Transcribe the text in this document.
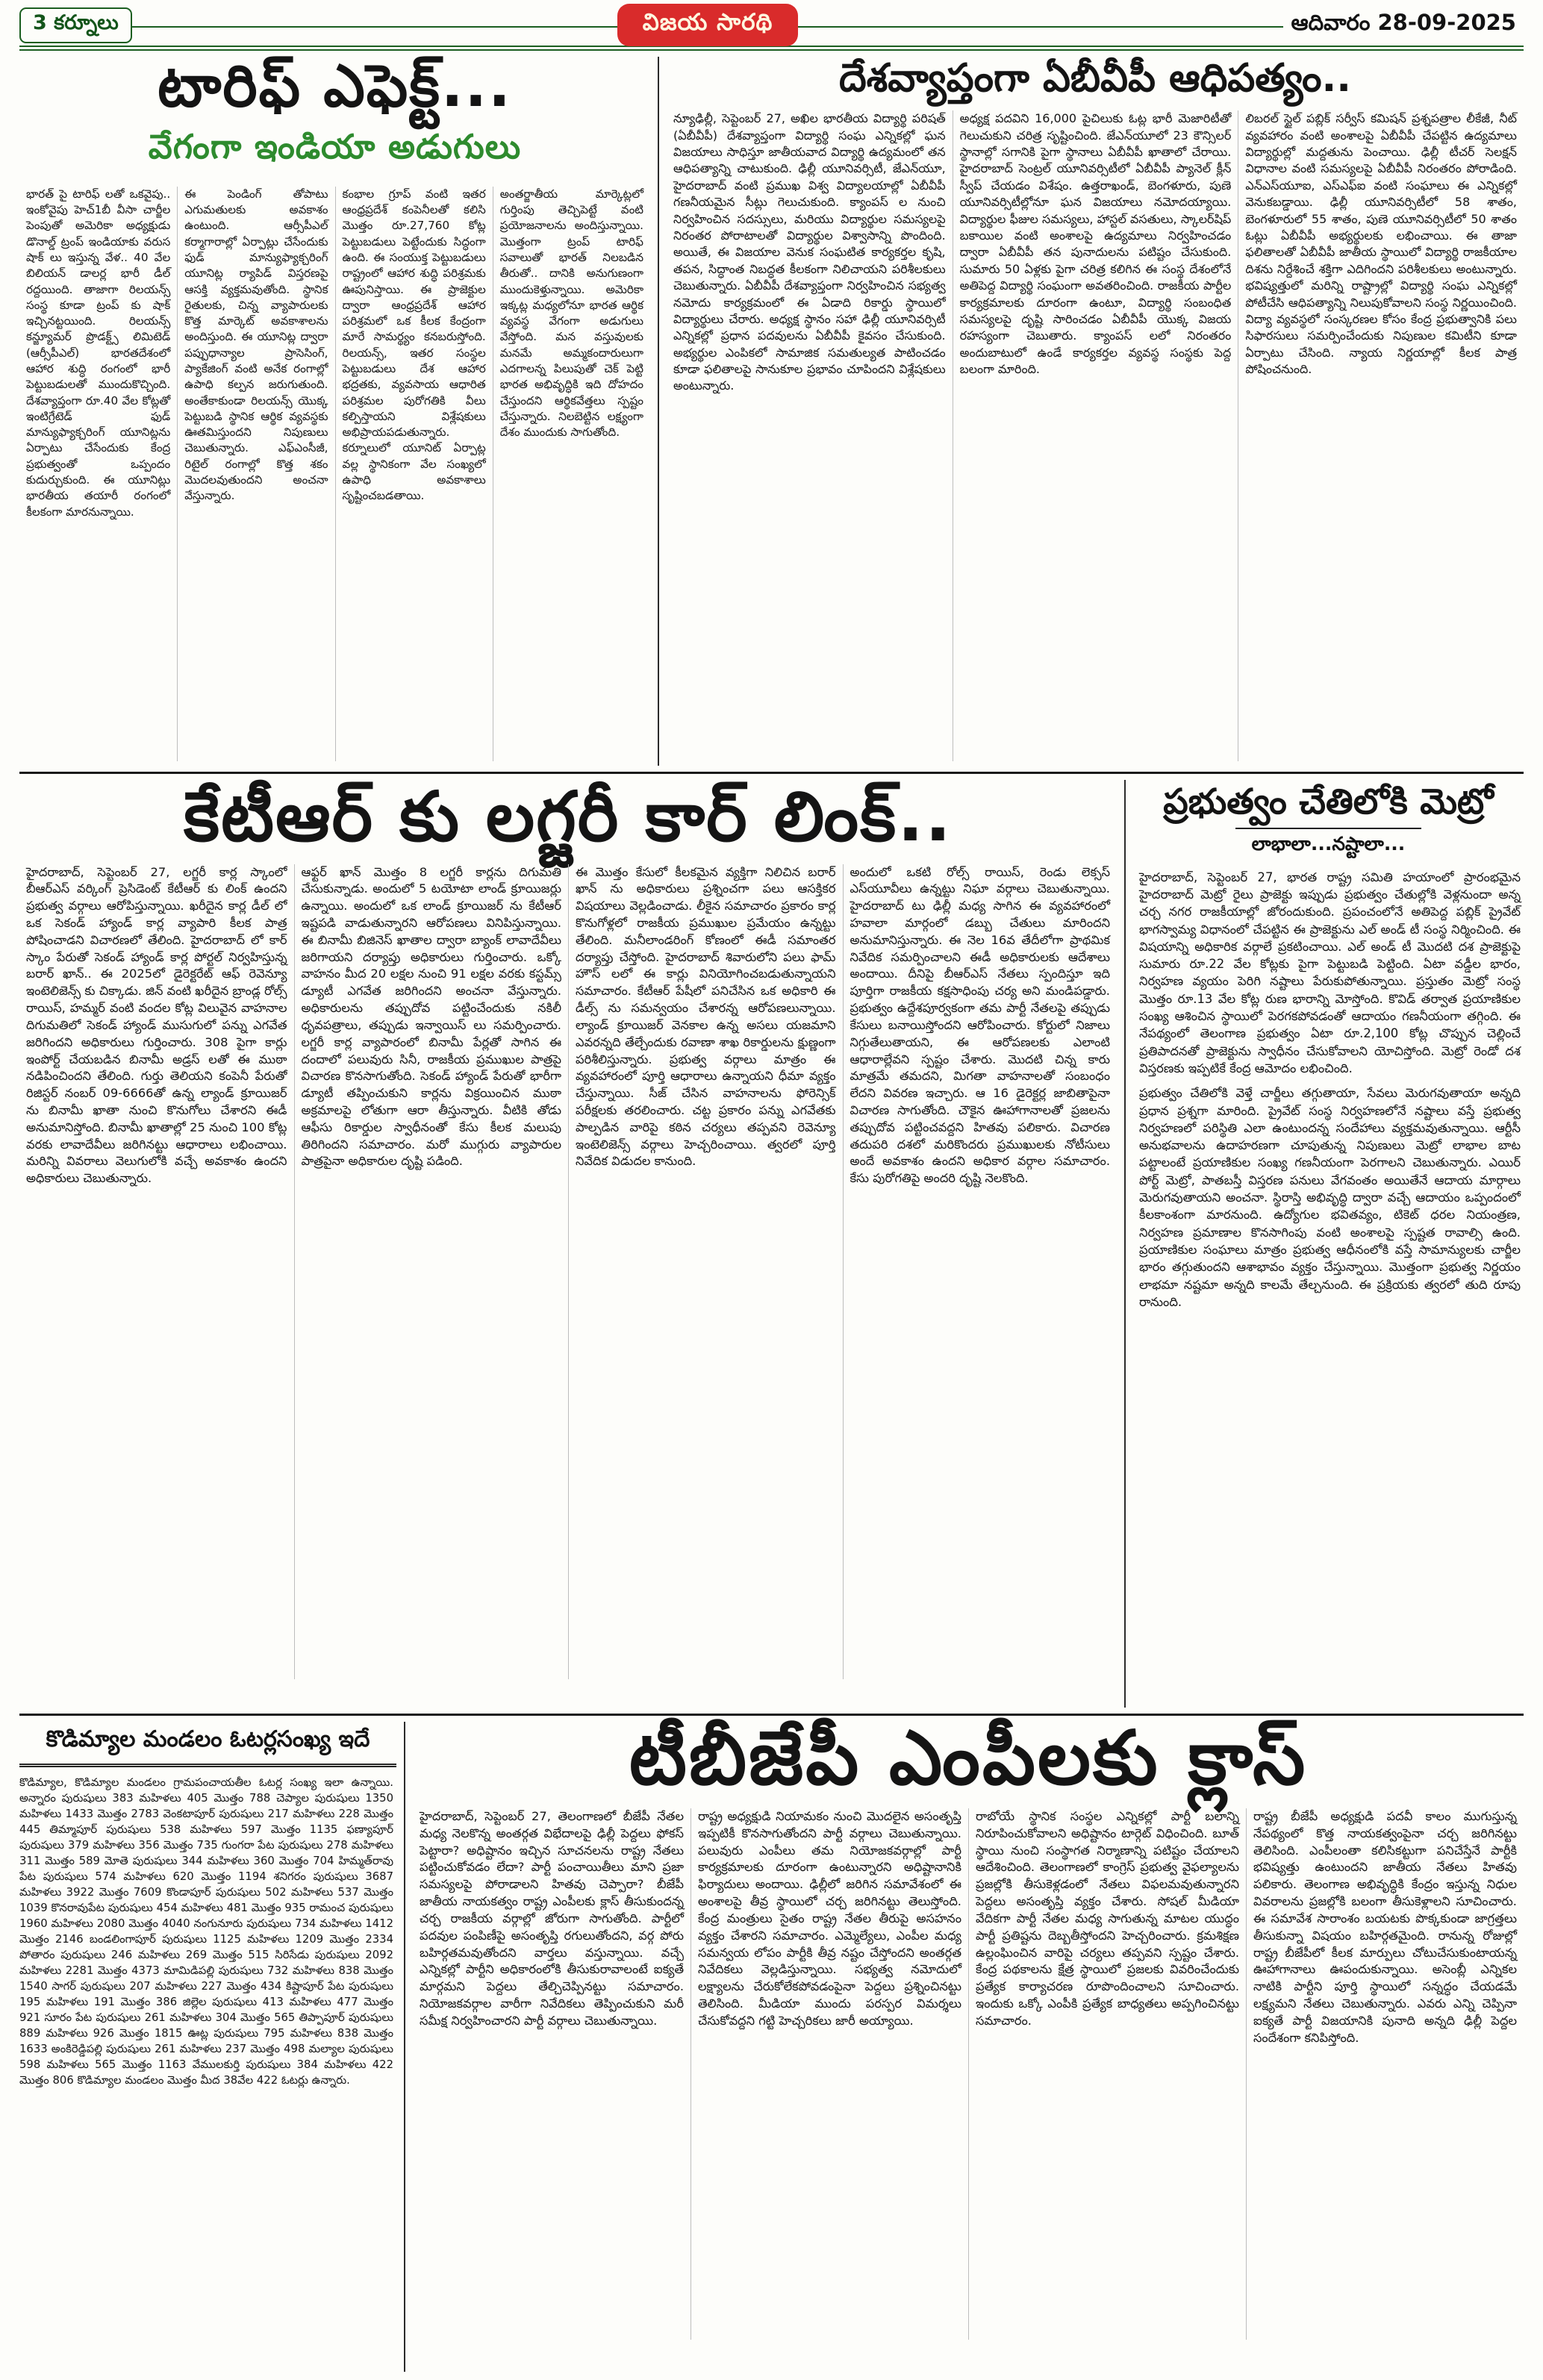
3 కర్నూలు	విజయ సారథి	ఆదివారం 28-09-2025
టారిఫ్ ఎఫెక్ట్...
వేగంగా ఇండియా అడుగులు

భారత్ పై టారిఫ్ లతో ఒకవైపు.. ఇంకోవైపు హెచ్1బీ వీసా చార్జీల పెంపుతో అమెరికా అధ్యక్షుడు డొనాల్డ్ ట్రంప్ ఇండియాకు వరుస షాక్ లు ఇస్తున్న వేళ.. 40 వేల బిలియన్ డాలర్ల భారీ డీల్ రద్దయింది. తాజాగా రిలయన్స్ సంస్థ కూడా ట్రంప్ కు షాక్ ఇచ్చినట్టయింది. రిలయన్స్ కన్జ్యూమర్ ప్రొడక్ట్స్ లిమిటెడ్ (ఆర్సీపీఎల్) భారతదేశంలో ఆహార శుద్ధి రంగంలో భారీ పెట్టుబడులతో ముందుకొచ్చింది. దేశవ్యాప్తంగా రూ.40 వేల కోట్లతో ఇంటిగ్రేటెడ్ ఫుడ్ మాన్యుఫ్యాక్చరింగ్ యూనిట్లను ఏర్పాటు చేసేందుకు కేంద్ర ప్రభుత్వంతో ఒప్పందం కుదుర్చుకుంది. ఈ యూనిట్లు భారతీయ తయారీ రంగంలో కీలకంగా మారనున్నాయి.

ఈ పెండింగ్ తోపాటు ఎగుమతులకు అవకాశం ఉంటుంది. ఆర్సీపీఎల్ కర్మాగారాల్లో ఏర్పాట్లు చేసేందుకు ఫుడ్ మాన్యుఫ్యాక్చరింగ్ యూనిట్ల ర్యాపిడ్ విస్తరణపై ఆసక్తి వ్యక్తమవుతోంది. స్థానిక రైతులకు, చిన్న వ్యాపారులకు కొత్త మార్కెట్ అవకాశాలను అందిస్తుంది. ఈ యూనిట్ల ద్వారా పప్పుధాన్యాల ప్రాసెసింగ్, ప్యాకేజింగ్ వంటి అనేక రంగాల్లో ఉపాధి కల్పన జరుగుతుంది. అంతేకాకుండా రిలయన్స్ యొక్క పెట్టుబడి స్థానిక ఆర్థిక వ్యవస్థకు ఊతమిస్తుందని నిపుణులు చెబుతున్నారు. ఎఫ్ఎంసీజీ, రిటైల్ రంగాల్లో కొత్త శకం మొదలవుతుందని అంచనా వేస్తున్నారు.

కంభాల గ్రూప్ వంటి ఇతర ఆంధ్రప్రదేశ్ కంపెనీలతో కలిసి మొత్తం రూ.27,760 కోట్ల పెట్టుబడులు పెట్టేందుకు సిద్ధంగా ఉంది. ఈ సంయుక్త పెట్టుబడులు రాష్ట్రంలో ఆహార శుద్ధి పరిశ్రమకు ఊపునిస్తాయి. ఈ ప్రాజెక్టుల ద్వారా ఆంధ్రప్రదేశ్ ఆహార పరిశ్రమలో ఒక కీలక కేంద్రంగా మారే సామర్థ్యం కనబరుస్తోంది. రిలయన్స్, ఇతర సంస్థల పెట్టుబడులు దేశ ఆహార భద్రతకు, వ్యవసాయ ఆధారిత పరిశ్రమల పురోగతికి వీలు కల్పిస్తాయని విశ్లేషకులు అభిప్రాయపడుతున్నారు. కర్నూలులో యూనిట్ ఏర్పాట్ల వల్ల స్థానికంగా వేల సంఖ్యలో ఉపాధి అవకాశాలు సృష్టించబడతాయి.

అంతర్జాతీయ మార్కెట్లలో గుర్తింపు తెచ్చిపెట్టే వంటి ప్రయోజనాలను అందిస్తున్నాయి. మొత్తంగా ట్రంప్ టారిఫ్ సవాలుతో భారత్ నిలబడిన తీరుతో.. దానికి అనుగుణంగా ముందుకెళ్తున్నాయి. అమెరికా ఇక్కట్ల మధ్యలోనూ భారత ఆర్థిక వ్యవస్థ వేగంగా అడుగులు వేస్తోంది. మన వస్తువులకు మనమే అమ్మకందారులుగా ఎదగాలన్న పిలుపుతో చెక్ పెట్టి భారత అభివృద్ధికి ఇది దోహదం చేస్తుందని ఆర్థికవేత్తలు స్పష్టం చేస్తున్నారు. నిలబెట్టిన లక్ష్యంగా దేశం ముందుకు సాగుతోంది.

దేశవ్యాప్తంగా ఏబీవీపీ ఆధిపత్యం..

న్యూఢిల్లీ, సెప్టెంబర్ 27, అఖిల భారతీయ విద్యార్థి పరిషత్ (ఏబీవీపీ) దేశవ్యాప్తంగా విద్యార్థి సంఘ ఎన్నికల్లో ఘన విజయాలు సాధిస్తూ జాతీయవాద విద్యార్థి ఉద్యమంలో తన ఆధిపత్యాన్ని చాటుకుంది. ఢిల్లీ యూనివర్సిటీ, జేఎన్‌యూ, హైదరాబాద్ వంటి ప్రముఖ విశ్వ విద్యాలయాల్లో ఏబీవీపీ గణనీయమైన సీట్లు గెలుచుకుంది. క్యాంపస్ ల నుంచి నిర్వహించిన సదస్సులు, మరియు విద్యార్థుల సమస్యలపై నిరంతర పోరాటాలతో విద్యార్థుల విశ్వాసాన్ని పొందింది. అయితే, ఈ విజయాల వెనుక సంఘటిత కార్యకర్తల కృషి, తపన, సిద్ధాంత నిబద్ధత కీలకంగా నిలిచాయని పరిశీలకులు చెబుతున్నారు. ఏబీవీపీ దేశవ్యాప్తంగా నిర్వహించిన సభ్యత్వ నమోదు కార్యక్రమంలో ఈ ఏడాది రికార్డు స్థాయిలో విద్యార్థులు చేరారు. అధ్యక్ష స్థానం సహా ఢిల్లీ యూనివర్సిటీ ఎన్నికల్లో ప్రధాన పదవులను ఏబీవీపీ కైవసం చేసుకుంది. అభ్యర్థుల ఎంపికలో సామాజిక సమతుల్యత పాటించడం కూడా ఫలితాలపై సానుకూల ప్రభావం చూపిందని విశ్లేషకులు అంటున్నారు.

అధ్యక్ష పదవిని 16,000 పైచిలుకు ఓట్ల భారీ మెజారిటీతో గెలుచుకుని చరిత్ర సృష్టించింది. జేఎన్‌యూలో 23 కౌన్సిలర్ స్థానాల్లో సగానికి పైగా స్థానాలు ఏబీవీపీ ఖాతాలో చేరాయి. హైదరాబాద్ సెంట్రల్ యూనివర్సిటీలో ఏబీవీపీ ప్యానెల్ క్లీన్ స్వీప్ చేయడం విశేషం. ఉత్తరాఖండ్, బెంగళూరు, పుణె యూనివర్సిటీల్లోనూ ఘన విజయాలు నమోదయ్యాయి. విద్యార్థుల ఫీజుల సమస్యలు, హాస్టల్ వసతులు, స్కాలర్‌షిప్ బకాయిల వంటి అంశాలపై ఉద్యమాలు నిర్వహించడం ద్వారా ఏబీవీపీ తన పునాదులను పటిష్టం చేసుకుంది. సుమారు 50 ఏళ్లకు పైగా చరిత్ర కలిగిన ఈ సంస్థ దేశంలోనే అతిపెద్ద విద్యార్థి సంఘంగా అవతరించింది. రాజకీయ పార్టీల కార్యక్రమాలకు దూరంగా ఉంటూ, విద్యార్థి సంబంధిత సమస్యలపై దృష్టి సారించడం ఏబీవీపీ యొక్క విజయ రహస్యంగా చెబుతారు. క్యాంపస్ లలో నిరంతరం అందుబాటులో ఉండే కార్యకర్తల వ్యవస్థ సంస్థకు పెద్ద బలంగా మారింది.

లిబరల్ స్టైల్ పబ్లిక్ సర్వీస్ కమిషన్ ప్రశ్నపత్రాల లీకేజీ, నీట్ వ్యవహారం వంటి అంశాలపై ఏబీవీపీ చేపట్టిన ఉద్యమాలు విద్యార్థుల్లో మద్దతును పెంచాయి. ఢిల్లీ టీచర్ సెలక్షన్ విధానాల వంటి సమస్యలపై ఏబీవీపీ నిరంతరం పోరాడింది. ఎన్ఎస్‌యూఐ, ఎస్ఎఫ్ఐ వంటి సంఘాలు ఈ ఎన్నికల్లో వెనుకబడ్డాయి. ఢిల్లీ యూనివర్సిటీలో 58 శాతం, బెంగళూరులో 55 శాతం, పుణె యూనివర్సిటీలో 50 శాతం ఓట్లు ఏబీవీపీ అభ్యర్థులకు లభించాయి. ఈ తాజా ఫలితాలతో ఏబీవీపీ జాతీయ స్థాయిలో విద్యార్థి రాజకీయాల దిశను నిర్దేశించే శక్తిగా ఎదిగిందని పరిశీలకులు అంటున్నారు. భవిష్యత్తులో మరిన్ని రాష్ట్రాల్లో విద్యార్థి సంఘ ఎన్నికల్లో పోటీచేసి ఆధిపత్యాన్ని నిలుపుకోవాలని సంస్థ నిర్ణయించింది. విద్యా వ్యవస్థలో సంస్కరణల కోసం కేంద్ర ప్రభుత్వానికి పలు సిఫారసులు సమర్పించేందుకు నిపుణుల కమిటీని కూడా ఏర్పాటు చేసింది. న్యాయ నిర్ణయాల్లో కీలక పాత్ర పోషించనుంది.

కేటీఆర్ కు లగ్జరీ కార్ లింక్..

హైదరాబాద్, సెప్టెంబర్ 27, లగ్జరీ కార్ల స్కాంలో బీఆర్ఎస్ వర్కింగ్ ప్రెసిడెంట్ కేటీఆర్ కు లింక్ ఉందని ప్రభుత్వ వర్గాలు ఆరోపిస్తున్నాయి. ఖరీదైన కార్ల డీల్ లో ఒక సెకండ్ హ్యాండ్ కార్ల వ్యాపారి కీలక పాత్ర పోషించాడని విచారణలో తేలింది. హైదరాబాద్ లో కార్ స్కాం పేరుతో సెకండ్ హ్యాండ్ కార్ల పోర్టల్ నిర్వహిస్తున్న బరార్ ఖాన్.. ఈ 2025లో డైరెక్టరేట్ ఆఫ్ రెవెన్యూ ఇంటెలిజెన్స్ కు చిక్కాడు. జిన్ వంటి ఖరీదైన బ్రాండ్ల రోల్స్ రాయిస్, హమ్మర్ వంటి వందల కోట్ల విలువైన వాహనాల దిగుమతిలో సెకండ్ హ్యాండ్ ముసుగులో పన్ను ఎగవేత జరిగిందని అధికారులు గుర్తించారు. 308 పైగా కార్లు ఇంపోర్ట్ చేయబడిన బినామీ అడ్రస్ లతో ఈ ముఠా నడిపించిందని తేలింది. గుర్తు తెలియని కంపెనీ పేరుతో రిజిస్టర్ నంబర్ 09-6666తో ఉన్న ల్యాండ్ క్రూయిజర్ ను బినామీ ఖాతా నుంచి కొనుగోలు చేశారని ఈడీ అనుమానిస్తోంది. బినామీ ఖాతాల్లో 25 నుంచి 100 కోట్ల వరకు లావాదేవీలు జరిగినట్టు ఆధారాలు లభించాయి. మరిన్ని వివరాలు వెలుగులోకి వచ్చే అవకాశం ఉందని అధికారులు చెబుతున్నారు.

ఆఫ్టర్ ఖాన్ మొత్తం 8 లగ్జరీ కార్లను దిగుమతి చేసుకున్నాడు. అందులో 5 టయోటా లాండ్ క్రూయిజర్లు ఉన్నాయి. అందులో ఒక లాండ్ క్రూయిజర్ ను కేటీఆర్ ఇష్టపడి వాడుతున్నారని ఆరోపణలు వినిపిస్తున్నాయి. ఈ బినామీ బిజినెస్ ఖాతాల ద్వారా బ్యాంక్ లావాదేవీలు జరిగాయని దర్యాప్తు అధికారులు గుర్తించారు. ఒక్కో వాహనం మీద 20 లక్షల నుంచి 91 లక్షల వరకు కస్టమ్స్ డ్యూటీ ఎగవేత జరిగిందని అంచనా వేస్తున్నారు. అధికారులను తప్పుదోవ పట్టించేందుకు నకిలీ ధృవపత్రాలు, తప్పుడు ఇన్వాయిస్ లు సమర్పించారు. లగ్జరీ కార్ల వ్యాపారంలో బినామీ పేర్లతో సాగిన ఈ దందాలో పలువురు సినీ, రాజకీయ ప్రముఖుల పాత్రపై విచారణ కొనసాగుతోంది. సెకండ్ హ్యాండ్ పేరుతో భారీగా డ్యూటీ తప్పించుకుని కార్లను విక్రయించిన ముఠా అక్రమాలపై లోతుగా ఆరా తీస్తున్నారు. వీటికి తోడు ఆఫీసు రికార్డుల స్వాధీనంతో కేసు కీలక మలుపు తిరిగిందని సమాచారం. మరో ముగ్గురు వ్యాపారుల పాత్రపైనా అధికారుల దృష్టి పడింది.

ఈ మొత్తం కేసులో కీలకమైన వ్యక్తిగా నిలిచిన బరార్ ఖాన్ ను అధికారులు ప్రశ్నించగా పలు ఆసక్తికర విషయాలు వెల్లడించాడు. లీకైన సమాచారం ప్రకారం కార్ల కొనుగోళ్లలో రాజకీయ ప్రముఖుల ప్రమేయం ఉన్నట్టు తేలింది. మనీలాండరింగ్ కోణంలో ఈడీ సమాంతర దర్యాప్తు చేస్తోంది. హైదరాబాద్ శివారులోని పలు ఫామ్ హౌస్ లలో ఈ కార్లు వినియోగించబడుతున్నాయని సమాచారం. కేటీఆర్ పేషీలో పనిచేసిన ఒక అధికారి ఈ డీల్స్ ను సమన్వయం చేశారన్న ఆరోపణలున్నాయి. ల్యాండ్ క్రూయిజర్ వెనకాల ఉన్న అసలు యజమాని ఎవరన్నది తేల్చేందుకు రవాణా శాఖ రికార్డులను క్షుణ్ణంగా పరిశీలిస్తున్నారు. ప్రభుత్వ వర్గాలు మాత్రం ఈ వ్యవహారంలో పూర్తి ఆధారాలు ఉన్నాయని ధీమా వ్యక్తం చేస్తున్నాయి. సీజ్ చేసిన వాహనాలను ఫోరెన్సిక్ పరీక్షలకు తరలించారు. చట్ట ప్రకారం పన్ను ఎగవేతకు పాల్పడిన వారిపై కఠిన చర్యలు తప్పవని రెవెన్యూ ఇంటెలిజెన్స్ వర్గాలు హెచ్చరించాయి. త్వరలో పూర్తి నివేదిక విడుదల కానుంది.

అందులో ఒకటి రోల్స్ రాయిస్, రెండు లెక్సస్ ఎస్‌యూవీలు ఉన్నట్టు నిఘా వర్గాలు చెబుతున్నాయి. హైదరాబాద్ టు ఢిల్లీ మధ్య సాగిన ఈ వ్యవహారంలో హవాలా మార్గంలో డబ్బు చేతులు మారిందని అనుమానిస్తున్నారు. ఈ నెల 16వ తేదీలోగా ప్రాథమిక నివేదిక సమర్పించాలని ఈడీ అధికారులకు ఆదేశాలు అందాయి. దీనిపై బీఆర్ఎస్ నేతలు స్పందిస్తూ ఇది పూర్తిగా రాజకీయ కక్షసాధింపు చర్య అని మండిపడ్డారు. ప్రభుత్వం ఉద్దేశపూర్వకంగా తమ పార్టీ నేతలపై తప్పుడు కేసులు బనాయిస్తోందని ఆరోపించారు. కోర్టులో నిజాలు నిగ్గుతేలుతాయని, ఈ ఆరోపణలకు ఎలాంటి ఆధారాల్లేవని స్పష్టం చేశారు. మొదటి చిన్న కారు మాత్రమే తమదని, మిగతా వాహనాలతో సంబంధం లేదని వివరణ ఇచ్చారు. ఆ 16 డైరెక్టర్ల జాబితాపైనా విచారణ సాగుతోంది. చౌకైన ఊహాగానాలతో ప్రజలను తప్పుదోవ పట్టించవద్దని హితవు పలికారు. విచారణ తదుపరి దశలో మరికొందరు ప్రముఖులకు నోటీసులు అందే అవకాశం ఉందని అధికార వర్గాల సమాచారం. కేసు పురోగతిపై అందరి దృష్టి నెలకొంది.

ప్రభుత్వం చేతిలోకి మెట్రో
లాభాలా...నష్టాలా...

హైదరాబాద్, సెప్టెంబర్ 27, భారత రాష్ట్ర సమితి హయాంలో ప్రారంభమైన హైదరాబాద్ మెట్రో రైలు ప్రాజెక్టు ఇప్పుడు ప్రభుత్వం చేతుల్లోకి వెళ్లనుందా అన్న చర్చ నగర రాజకీయాల్లో జోరందుకుంది. ప్రపంచంలోనే అతిపెద్ద పబ్లిక్ ప్రైవేట్ భాగస్వామ్య విధానంలో చేపట్టిన ఈ ప్రాజెక్టును ఎల్ అండ్ టీ సంస్థ నిర్మించింది. ఈ విషయాన్ని అధికారిక వర్గాలే ప్రకటించాయి. ఎల్ అండ్ టీ మొదటి దశ ప్రాజెక్టుపై సుమారు రూ.22 వేల కోట్లకు పైగా పెట్టుబడి పెట్టింది. ఏటా వడ్డీల భారం, నిర్వహణ వ్యయం పెరిగి నష్టాలు పేరుకుపోతున్నాయి. ప్రస్తుతం మెట్రో సంస్థ మొత్తం రూ.13 వేల కోట్ల రుణ భారాన్ని మోస్తోంది. కొవిడ్ తర్వాత ప్రయాణికుల సంఖ్య ఆశించిన స్థాయిలో పెరగకపోవడంతో ఆదాయం గణనీయంగా తగ్గింది. ఈ నేపథ్యంలో తెలంగాణ ప్రభుత్వం ఏటా రూ.2,100 కోట్ల చొప్పున చెల్లించే ప్రతిపాదనతో ప్రాజెక్టును స్వాధీనం చేసుకోవాలని యోచిస్తోంది. మెట్రో రెండో దశ విస్తరణకు ఇప్పటికే కేంద్ర ఆమోదం లభించింది.

ప్రభుత్వం చేతిలోకి వెళ్తే చార్జీలు తగ్గుతాయా, సేవలు మెరుగవుతాయా అన్నది ప్రధాన ప్రశ్నగా మారింది. ప్రైవేట్ సంస్థ నిర్వహణలోనే నష్టాలు వస్తే ప్రభుత్వ నిర్వహణలో పరిస్థితి ఎలా ఉంటుందన్న సందేహాలు వ్యక్తమవుతున్నాయి. ఆర్టీసీ అనుభవాలను ఉదాహరణగా చూపుతున్న నిపుణులు మెట్రో లాభాల బాట పట్టాలంటే ప్రయాణికుల సంఖ్య గణనీయంగా పెరగాలని చెబుతున్నారు. ఎయిర్ పోర్ట్ మెట్రో, పాతబస్తీ విస్తరణ పనులు వేగవంతం అయితేనే ఆదాయ మార్గాలు మెరుగవుతాయని అంచనా. స్థిరాస్తి అభివృద్ధి ద్వారా వచ్చే ఆదాయం ఒప్పందంలో కీలకాంశంగా మారనుంది. ఉద్యోగుల భవితవ్యం, టికెట్ ధరల నియంత్రణ, నిర్వహణ ప్రమాణాల కొనసాగింపు వంటి అంశాలపై స్పష్టత రావాల్సి ఉంది. ప్రయాణికుల సంఘాలు మాత్రం ప్రభుత్వ ఆధీనంలోకి వస్తే సామాన్యులకు చార్జీల భారం తగ్గుతుందని ఆశాభావం వ్యక్తం చేస్తున్నాయి. మొత్తంగా ప్రభుత్వ నిర్ణయం లాభమా నష్టమా అన్నది కాలమే తేల్చనుంది. ఈ ప్రక్రియకు త్వరలో తుది రూపు రానుంది.

కొడిమ్యాల మండలం ఓటర్లసంఖ్య ఇదే

కొడిమ్యాల, కొడిమ్యాల మండలం గ్రామపంచాయతీల ఓటర్ల సంఖ్య ఇలా ఉన్నాయి. అన్నారం పురుషులు 383 మహిళలు 405 మొత్తం 788 చెప్యాల పురుషులు 1350 మహిళలు 1433 మొత్తం 2783 వెంకటాపూర్ పురుషులు 217 మహిళలు 228 మొత్తం 445 తిమ్మాపూర్ పురుషులు 538 మహిళలు 597 మొత్తం 1135 ఫణ్యాపూర్ పురుషులు 379 మహిళలు 356 మొత్తం 735 గుంగరా పేట పురుషులు 278 మహిళలు 311 మొత్తం 589 మోతె పురుషులు 344 మహిళలు 360 మొత్తం 704 హిమ్మత్‌రావు పేట పురుషులు 574 మహిళలు 620 మొత్తం 1194 శనిగరం పురుషులు 3687 మహిళలు 3922 మొత్తం 7609 కొండాపూర్ పురుషులు 502 మహిళలు 537 మొత్తం 1039 కొనరావుపేట పురుషులు 454 మహిళలు 481 మొత్తం 935 రామంచ పురుషులు 1960 మహిళలు 2080 మొత్తం 4040 నంగునూరు పురుషులు 734 మహిళలు 1412 మొత్తం 2146 బండలింగాపూర్ పురుషులు 1125 మహిళలు 1209 మొత్తం 2334 పోతారం పురుషులు 246 మహిళలు 269 మొత్తం 515 సిరిసేడు పురుషులు 2092 మహిళలు 2281 మొత్తం 4373 మామిడిపల్లి పురుషులు 732 మహిళలు 838 మొత్తం 1540 సాగర్ పురుషులు 207 మహిళలు 227 మొత్తం 434 కిష్టాపూర్ పేట పురుషులు 195 మహిళలు 191 మొత్తం 386 జిల్లెల పురుషులు 413 మహిళలు 477 మొత్తం 921 సూరం పేట పురుషులు 261 మహిళలు 304 మొత్తం 565 తిప్పాపూర్ పురుషులు 889 మహిళలు 926 మొత్తం 1815 ఊట్ల పురుషులు 795 మహిళలు 838 మొత్తం 1633 అంకిరెడ్డిపల్లి పురుషులు 261 మహిళలు 237 మొత్తం 498 మల్యాల పురుషులు 598 మహిళలు 565 మొత్తం 1163 వేములకుర్తి పురుషులు 384 మహిళలు 422 మొత్తం 806 కొడిమ్యాల మండలం మొత్తం మీద 38వేల 422 ఓటర్లు ఉన్నారు.

టీబీజేపీ ఎంపీలకు క్లాస్

హైదరాబాద్, సెప్టెంబర్ 27, తెలంగాణలో బీజేపీ నేతల మధ్య నెలకొన్న అంతర్గత విభేదాలపై ఢిల్లీ పెద్దలు ఫోకస్ పెట్టారా? అధిష్టానం ఇచ్చిన సూచనలను రాష్ట్ర నేతలు పట్టించుకోవడం లేదా? పార్టీ పంచాయితీలు మాని ప్రజా సమస్యలపై పోరాడాలని హితవు చెప్పారా? బీజేపీ జాతీయ నాయకత్వం రాష్ట్ర ఎంపీలకు క్లాస్ తీసుకుందన్న చర్చ రాజకీయ వర్గాల్లో జోరుగా సాగుతోంది. పార్టీలో పదవుల పంపిణీపై అసంతృప్తి రగులుతోందని, వర్గ పోరు బహిర్గతమవుతోందని వార్తలు వస్తున్నాయి. వచ్చే ఎన్నికల్లో పార్టీని అధికారంలోకి తీసుకురావాలంటే ఐక్యతే మార్గమని పెద్దలు తేల్చిచెప్పినట్టు సమాచారం. నియోజకవర్గాల వారీగా నివేదికలు తెప్పించుకుని మరీ సమీక్ష నిర్వహించారని పార్టీ వర్గాలు చెబుతున్నాయి.

రాష్ట్ర అధ్యక్షుడి నియామకం నుంచి మొదలైన అసంతృప్తి ఇప్పటికీ కొనసాగుతోందని పార్టీ వర్గాలు చెబుతున్నాయి. పలువురు ఎంపీలు తమ నియోజకవర్గాల్లో పార్టీ కార్యక్రమాలకు దూరంగా ఉంటున్నారని అధిష్టానానికి ఫిర్యాదులు అందాయి. ఢిల్లీలో జరిగిన సమావేశంలో ఈ అంశాలపై తీవ్ర స్థాయిలో చర్చ జరిగినట్టు తెలుస్తోంది. కేంద్ర మంత్రులు సైతం రాష్ట్ర నేతల తీరుపై అసహనం వ్యక్తం చేశారని సమాచారం. ఎమ్మెల్యేలు, ఎంపీల మధ్య సమన్వయ లోపం పార్టీకి తీవ్ర నష్టం చేస్తోందని అంతర్గత నివేదికలు వెల్లడిస్తున్నాయి. సభ్యత్వ నమోదులో లక్ష్యాలను చేరుకోలేకపోవడంపైనా పెద్దలు ప్రశ్నించినట్టు తెలిసింది. మీడియా ముందు పరస్పర విమర్శలు చేసుకోవద్దని గట్టి హెచ్చరికలు జారీ అయ్యాయి.

రాబోయే స్థానిక సంస్థల ఎన్నికల్లో పార్టీ బలాన్ని నిరూపించుకోవాలని అధిష్టానం టార్గెట్ విధించింది. బూత్ స్థాయి నుంచి సంస్థాగత నిర్మాణాన్ని పటిష్టం చేయాలని ఆదేశించింది. తెలంగాణలో కాంగ్రెస్ ప్రభుత్వ వైఫల్యాలను ప్రజల్లోకి తీసుకెళ్లడంలో నేతలు విఫలమవుతున్నారని పెద్దలు అసంతృప్తి వ్యక్తం చేశారు. సోషల్ మీడియా వేదికగా పార్టీ నేతల మధ్య సాగుతున్న మాటల యుద్ధం పార్టీ ప్రతిష్టను దెబ్బతీస్తోందని హెచ్చరించారు. క్రమశిక్షణ ఉల్లంఘించిన వారిపై చర్యలు తప్పవని స్పష్టం చేశారు. కేంద్ర పథకాలను క్షేత్ర స్థాయిలో ప్రజలకు వివరించేందుకు ప్రత్యేక కార్యాచరణ రూపొందించాలని సూచించారు. ఇందుకు ఒక్కో ఎంపీకి ప్రత్యేక బాధ్యతలు అప్పగించినట్టు సమాచారం.

రాష్ట్ర బీజేపీ అధ్యక్షుడి పదవీ కాలం ముగుస్తున్న నేపథ్యంలో కొత్త నాయకత్వంపైనా చర్చ జరిగినట్టు తెలిసింది. ఎంపీలంతా కలిసికట్టుగా పనిచేస్తేనే పార్టీకి భవిష్యత్తు ఉంటుందని జాతీయ నేతలు హితవు పలికారు. తెలంగాణ అభివృద్ధికి కేంద్రం ఇస్తున్న నిధుల వివరాలను ప్రజల్లోకి బలంగా తీసుకెళ్లాలని సూచించారు. ఈ సమావేశ సారాంశం బయటకు పొక్కకుండా జాగ్రత్తలు తీసుకున్నా విషయం బహిర్గతమైంది. రానున్న రోజుల్లో రాష్ట్ర బీజేపీలో కీలక మార్పులు చోటుచేసుకుంటాయన్న ఊహాగానాలు ఊపందుకున్నాయి. అసెంబ్లీ ఎన్నికల నాటికి పార్టీని పూర్తి స్థాయిలో సన్నద్ధం చేయడమే లక్ష్యమని నేతలు చెబుతున్నారు. ఎవరు ఎన్ని చెప్పినా ఐక్యతే పార్టీ విజయానికి పునాది అన్నది ఢిల్లీ పెద్దల సందేశంగా కనిపిస్తోంది.
